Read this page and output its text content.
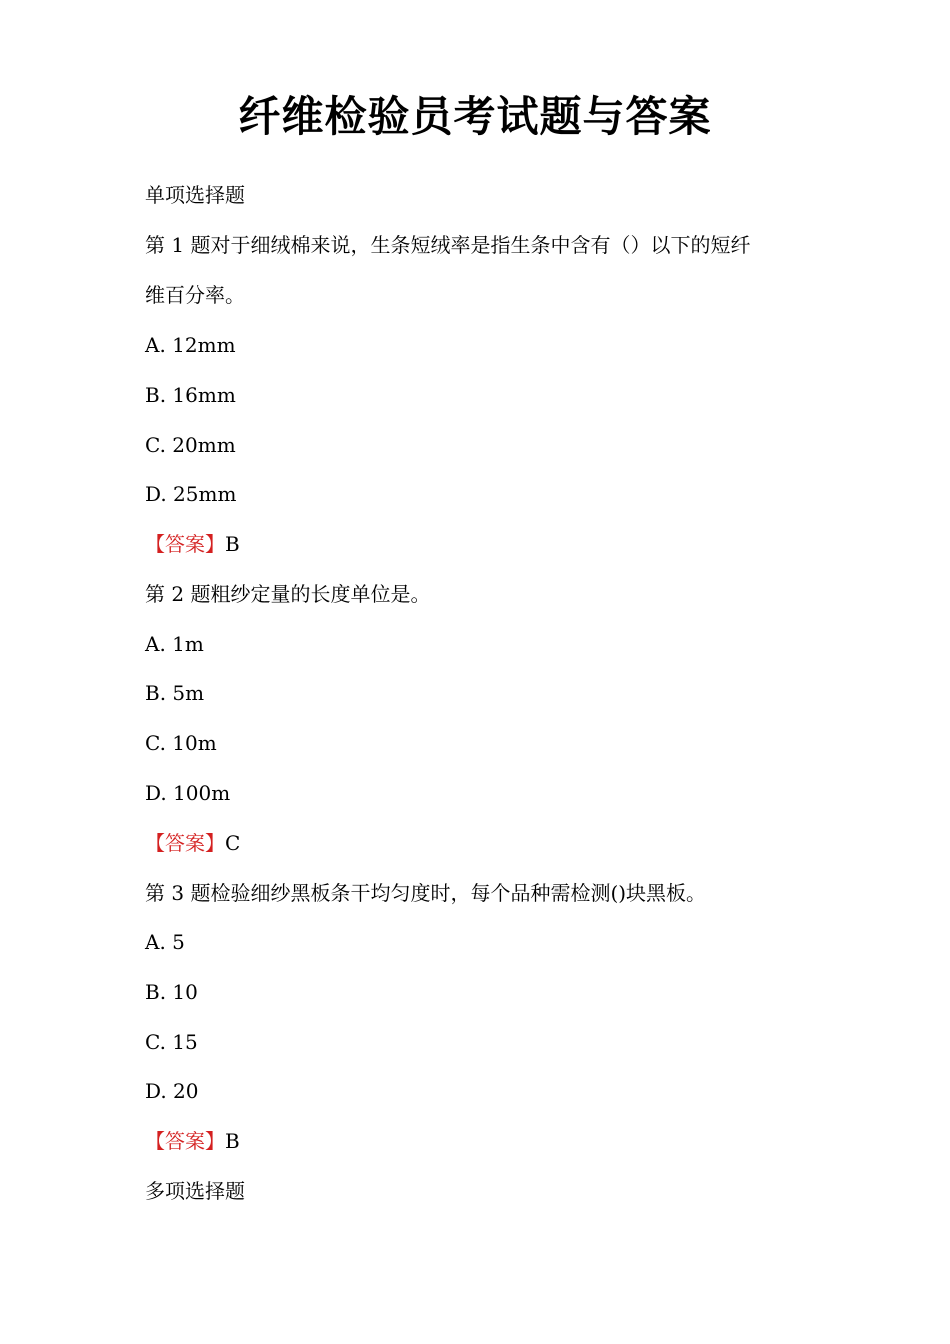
纤维检验员考试题与答案
单项选择题
第 1 题对于细绒棉来说，生条短绒率是指生条中含有（）以下的短纤
维百分率。
A. 12mm
B. 16mm
C. 20mm
D. 25mm
【答案】B
第 2 题粗纱定量的长度单位是。
A. 1m
B. 5m
C. 10m
D. 100m
【答案】C
第 3 题检验细纱黑板条干均匀度时，每个品种需检测()块黑板。
A. 5
B. 10
C. 15
D. 20
【答案】B
多项选择题
